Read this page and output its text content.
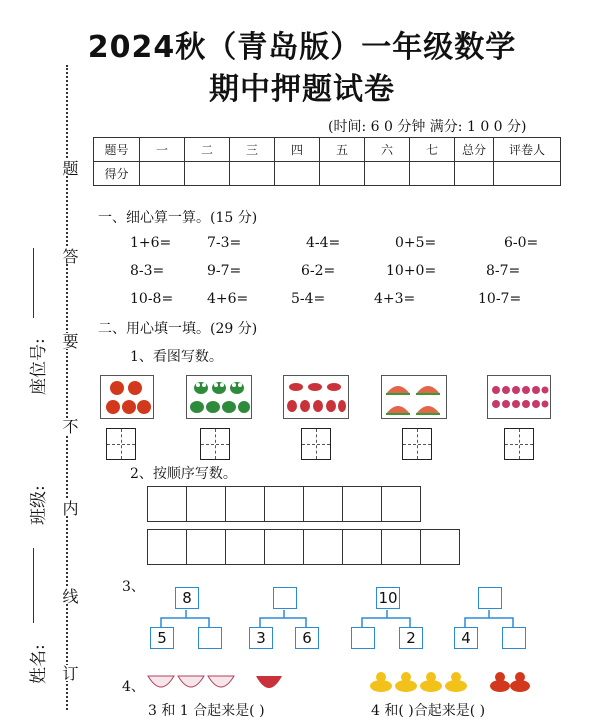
2024秋（青岛版）一年级数学
期中押题试卷
(时间: 6 0 分钟 满分: 1 0 0 分)
题号	一	二	三	四	五	六	七	总分	评卷人
得分									
题
答
要
不
内
线
订
座位号:
班级:
姓名:
一、细心算一算。(15 分)
1+6=	7-3=	4-4=	0+5=	6-0=
8-3=	9-7=	6-2=	10+0=	8-7=
10-8= 4+6=	5-4=	4+3=	10-7=
二、用心填一填。(29 分)
1、看图写数。
2、按顺序写数。
3、
8
5	3	6
10
2	4
4、
3 和 1 合起来是( )	4 和( )合起来是( )
